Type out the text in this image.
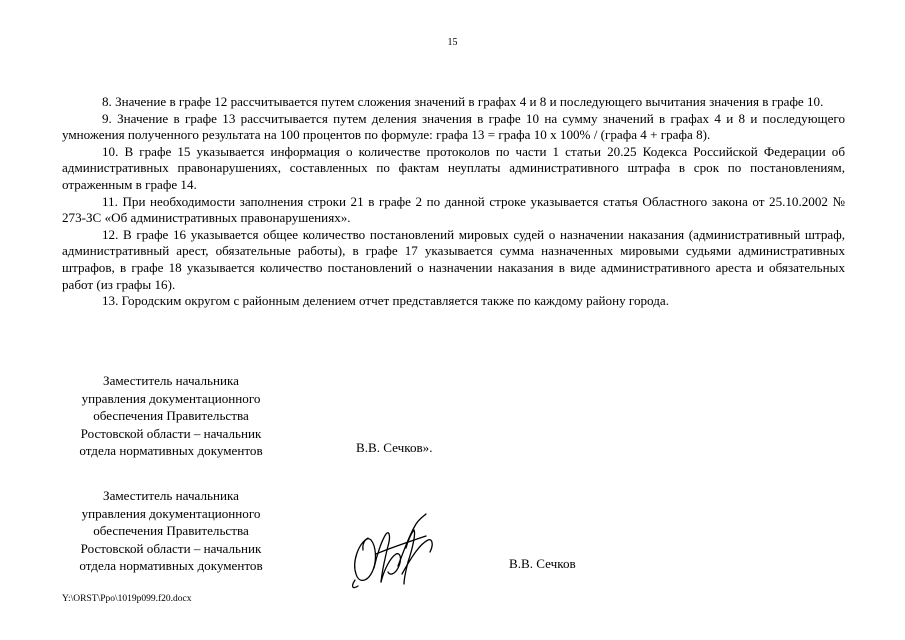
15

8. Значение в графе 12 рассчитывается путем сложения значений в графах 4 и 8 и последующего вычитания значения в графе 10.

9. Значение в графе 13 рассчитывается путем деления значения в графе 10 на сумму значений в графах 4 и 8 и последующего умножения полученного результата на 100 процентов по формуле: графа 13 = графа 10 х 100% / (графа 4 + графа 8).

10. В графе 15 указывается информация о количестве протоколов по части 1 статьи 20.25 Кодекса Российской Федерации об административных правонарушениях, составленных по фактам неуплаты административного штрафа в срок по постановлениям, отраженным в графе 14.

11. При необходимости заполнения строки 21 в графе 2 по данной строке указывается статья Областного закона от 25.10.2002 № 273-ЗС «Об административных правонарушениях».

12. В графе 16 указывается общее количество постановлений мировых судей о назначении наказания (административный штраф, административный арест, обязательные работы), в графе 17 указывается сумма назначенных мировыми судьями административных штрафов, в графе 18 указывается количество постановлений о назначении наказания в виде административного ареста и обязательных работ (из графы 16).

13. Городским округом с районным делением отчет представляется также по каждому району города.

Заместитель начальника
управления документационного
обеспечения Правительства
Ростовской области – начальник
отдела нормативных документов	В.В. Сечков».
Заместитель начальника
управления документационного
обеспечения Правительства
Ростовской области – начальник
отдела нормативных документов	В.В. Сечков
Y:\ORST\Ppo\1019p099.f20.docx
